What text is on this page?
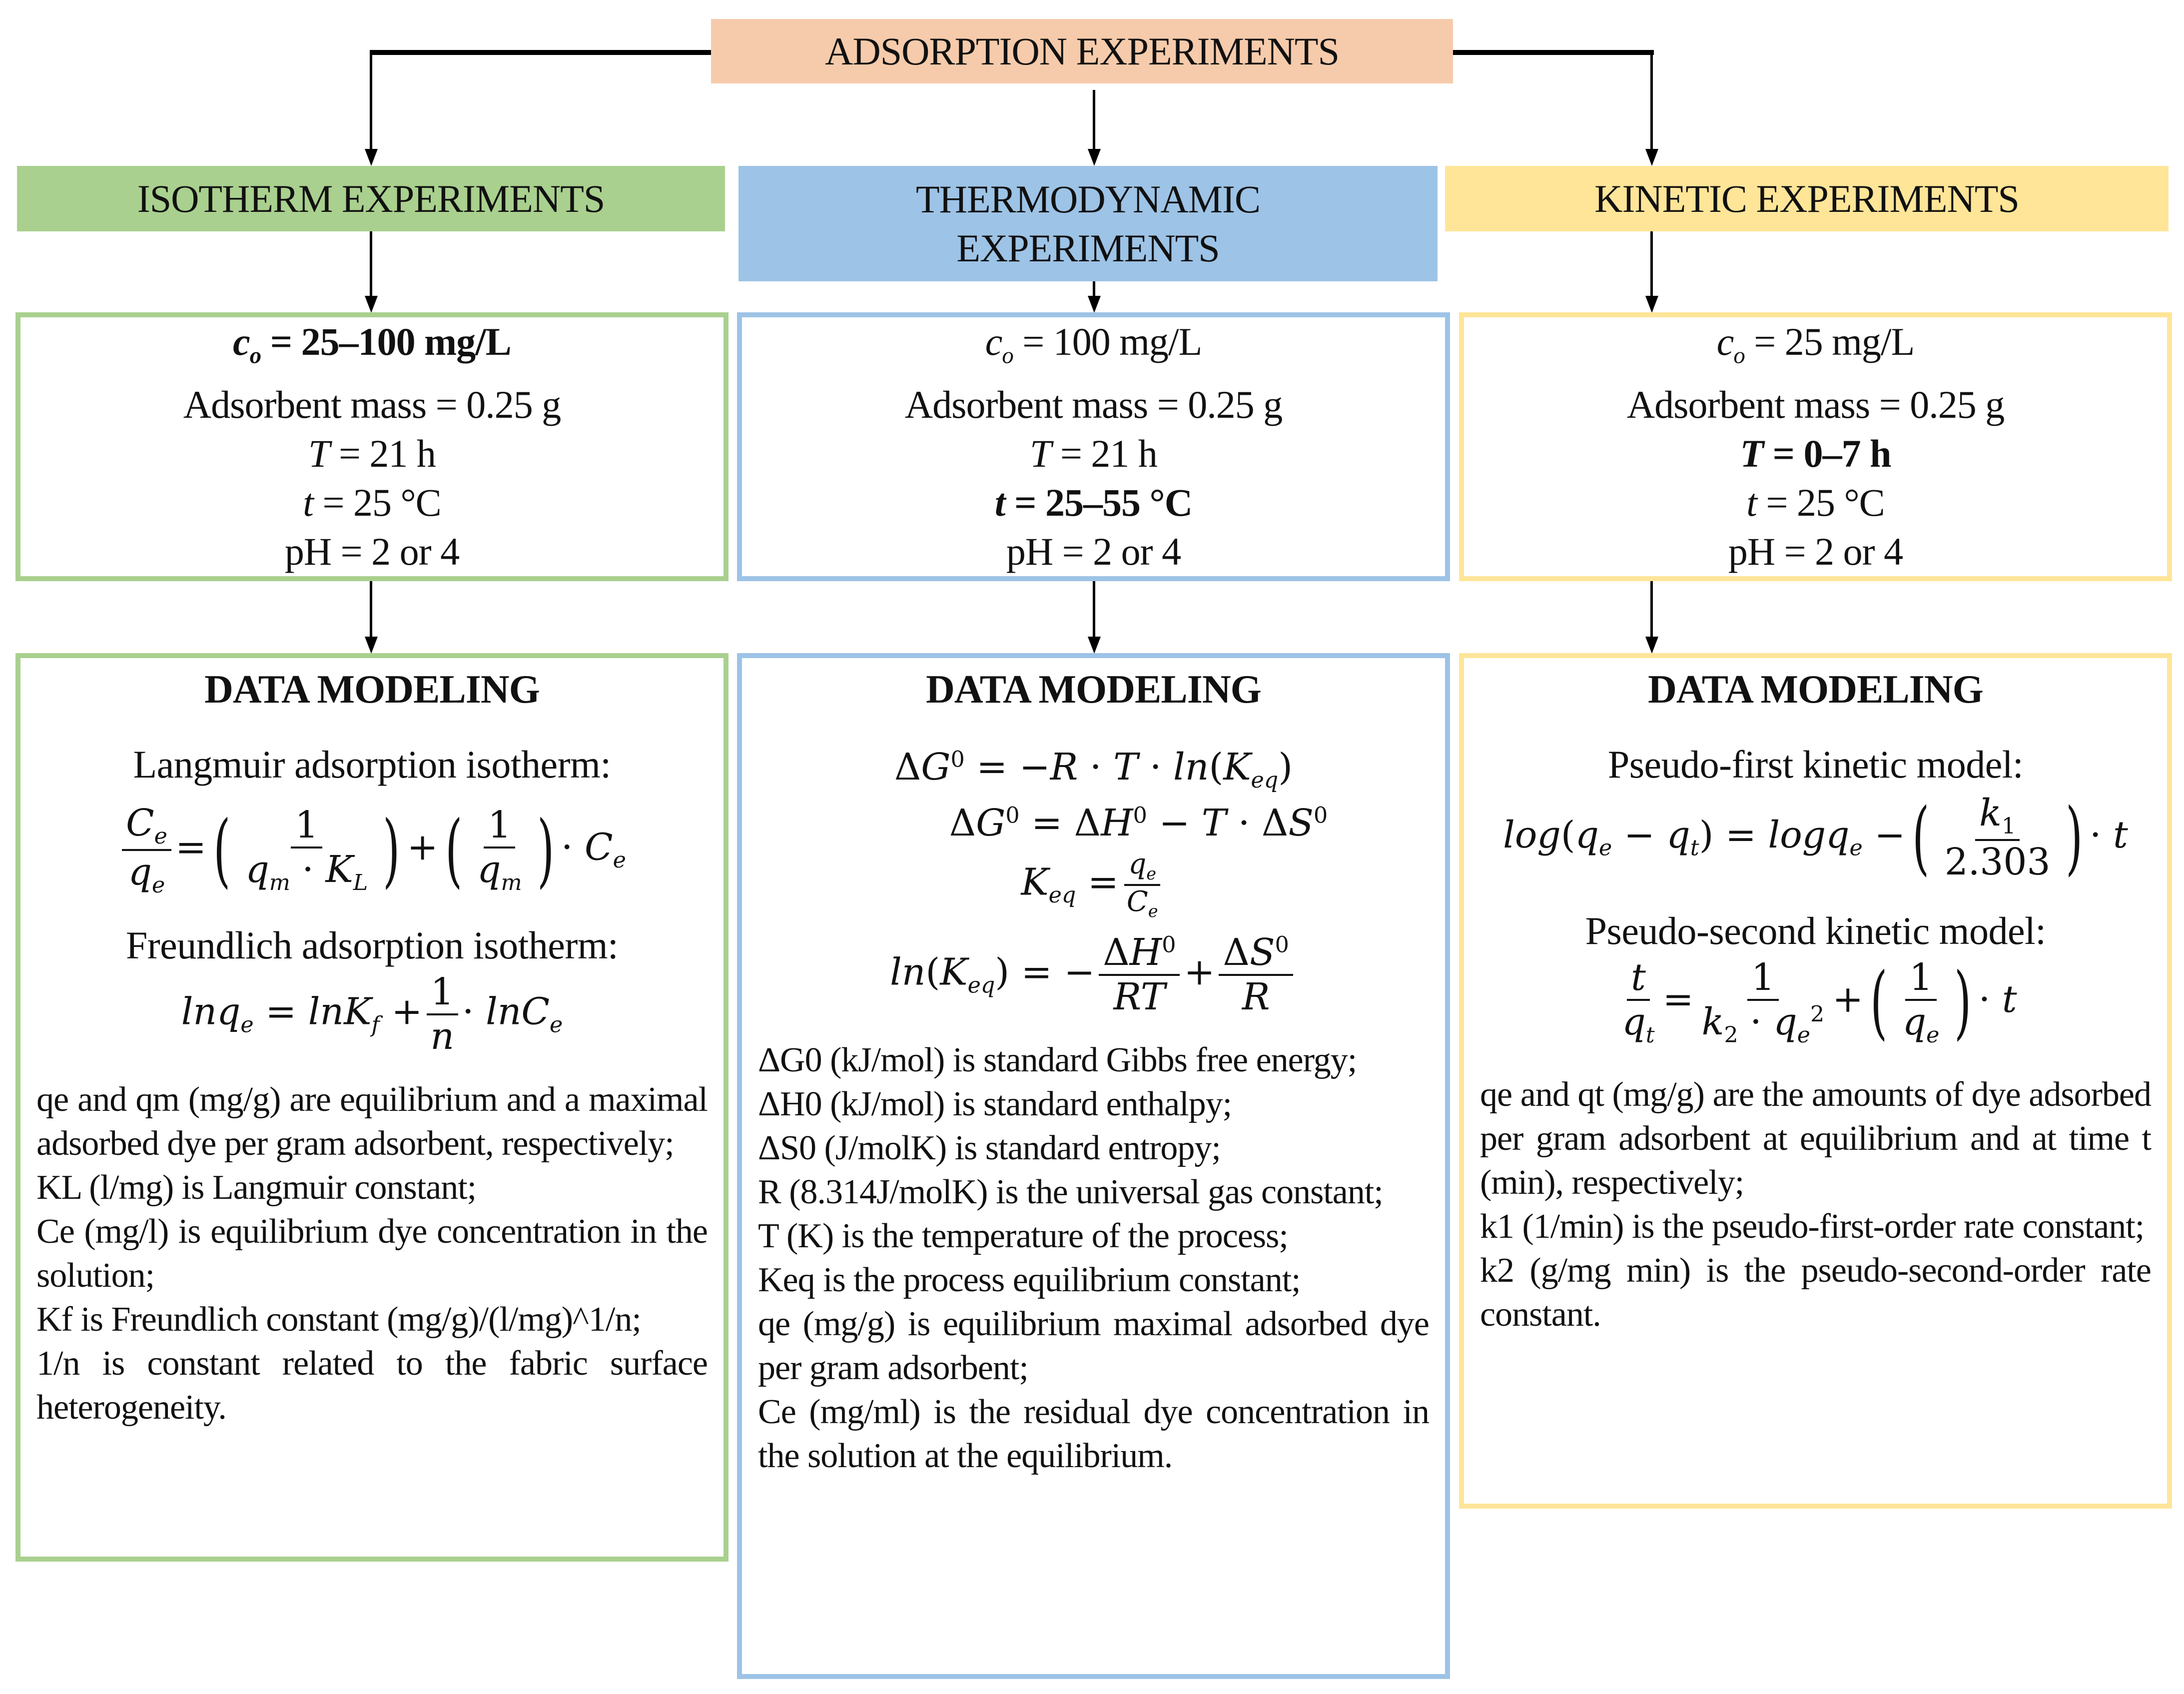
ADSORPTION EXPERIMENTS
ISOTHERM EXPERIMENTS	THERMODYNAMIC
EXPERIMENTS
KINETIC EXPERIMENTS
$c_o = 25-100$ mg/L
Adsorbent mass = 0.25 g
T = 21 h
t = 25 °C
pH = 2 or 4
$c_o = 100$ mg/L
Adsorbent mass = 0.25 g
T = 21 h
t = 25–55 °C
pH = 2 or 4
$c_o = 25$ mg/L
Adsorbent mass = 0.25 g
T = 0–7 h
t = 25 °C
pH = 2 or 4
DATA MODELING
Langmuir adsorption isotherm:
$\frac{C_e}{q_e}$ =( $\frac{1}{q_m \cdot K_L}$ ) +( $\frac{1}{q_m}$ ) · $C_e$
Freundlich adsorption isotherm:
$\ln q_e = \ln K_f + \frac{1}{n} \cdot \ln C_e$

qe and qm (mg/g) are equilibrium and a maximal adsorbed dye per gram adsorbent, respectively;

KL (l/mg) is Langmuir constant;

Ce (mg/l) is equilibrium dye concentration in the solution;

Kf is Freundlich constant (mg/g)/(l/mg)^1/n;

1/n is constant related to the fabric surface heterogeneity.

DATA MODELING
$\Delta G^0 = -R \cdot T \cdot \ln(K_{eq})$
$\Delta G^0 = \Delta H^0 - T \cdot \Delta S^0$
$K_{eq} = \frac{q_e}{C_e}$
$\ln(K_{eq})$ = − $\frac{\Delta H^0}{RT} + \frac{\Delta S^0}{R}$

ΔG0 (kJ/mol) is standard Gibbs free energy;

ΔH0 (kJ/mol) is standard enthalpy;

ΔS0 (J/molK) is standard entropy;

R (8.314J/molK) is the universal gas constant;

T (K) is the temperature of the process;

Keq is the process equilibrium constant;

qe (mg/g) is equilibrium maximal adsorbed dye per gram adsorbent;

Ce (mg/ml) is the residual dye concentration in the solution at the equilibrium.

DATA MODELING
Pseudo-first kinetic model:
$\log(q_e - q_t) = \log q_e$ −( $\frac{k_1}{2.303}$ ) · t
Pseudo-second kinetic model:
$\frac{t}{q_t} = \frac{1}{k_2 \cdot q_e^2}$ +( $\frac{1}{q_e}$ ) · t

qe and qt (mg/g) are the amounts of dye adsorbed per gram adsorbent at equilibrium and at time t (min), respectively;

k1 (1/min) is the pseudo-first-order rate constant;

k2 (g/mg min) is the pseudo-second-order rate constant.
